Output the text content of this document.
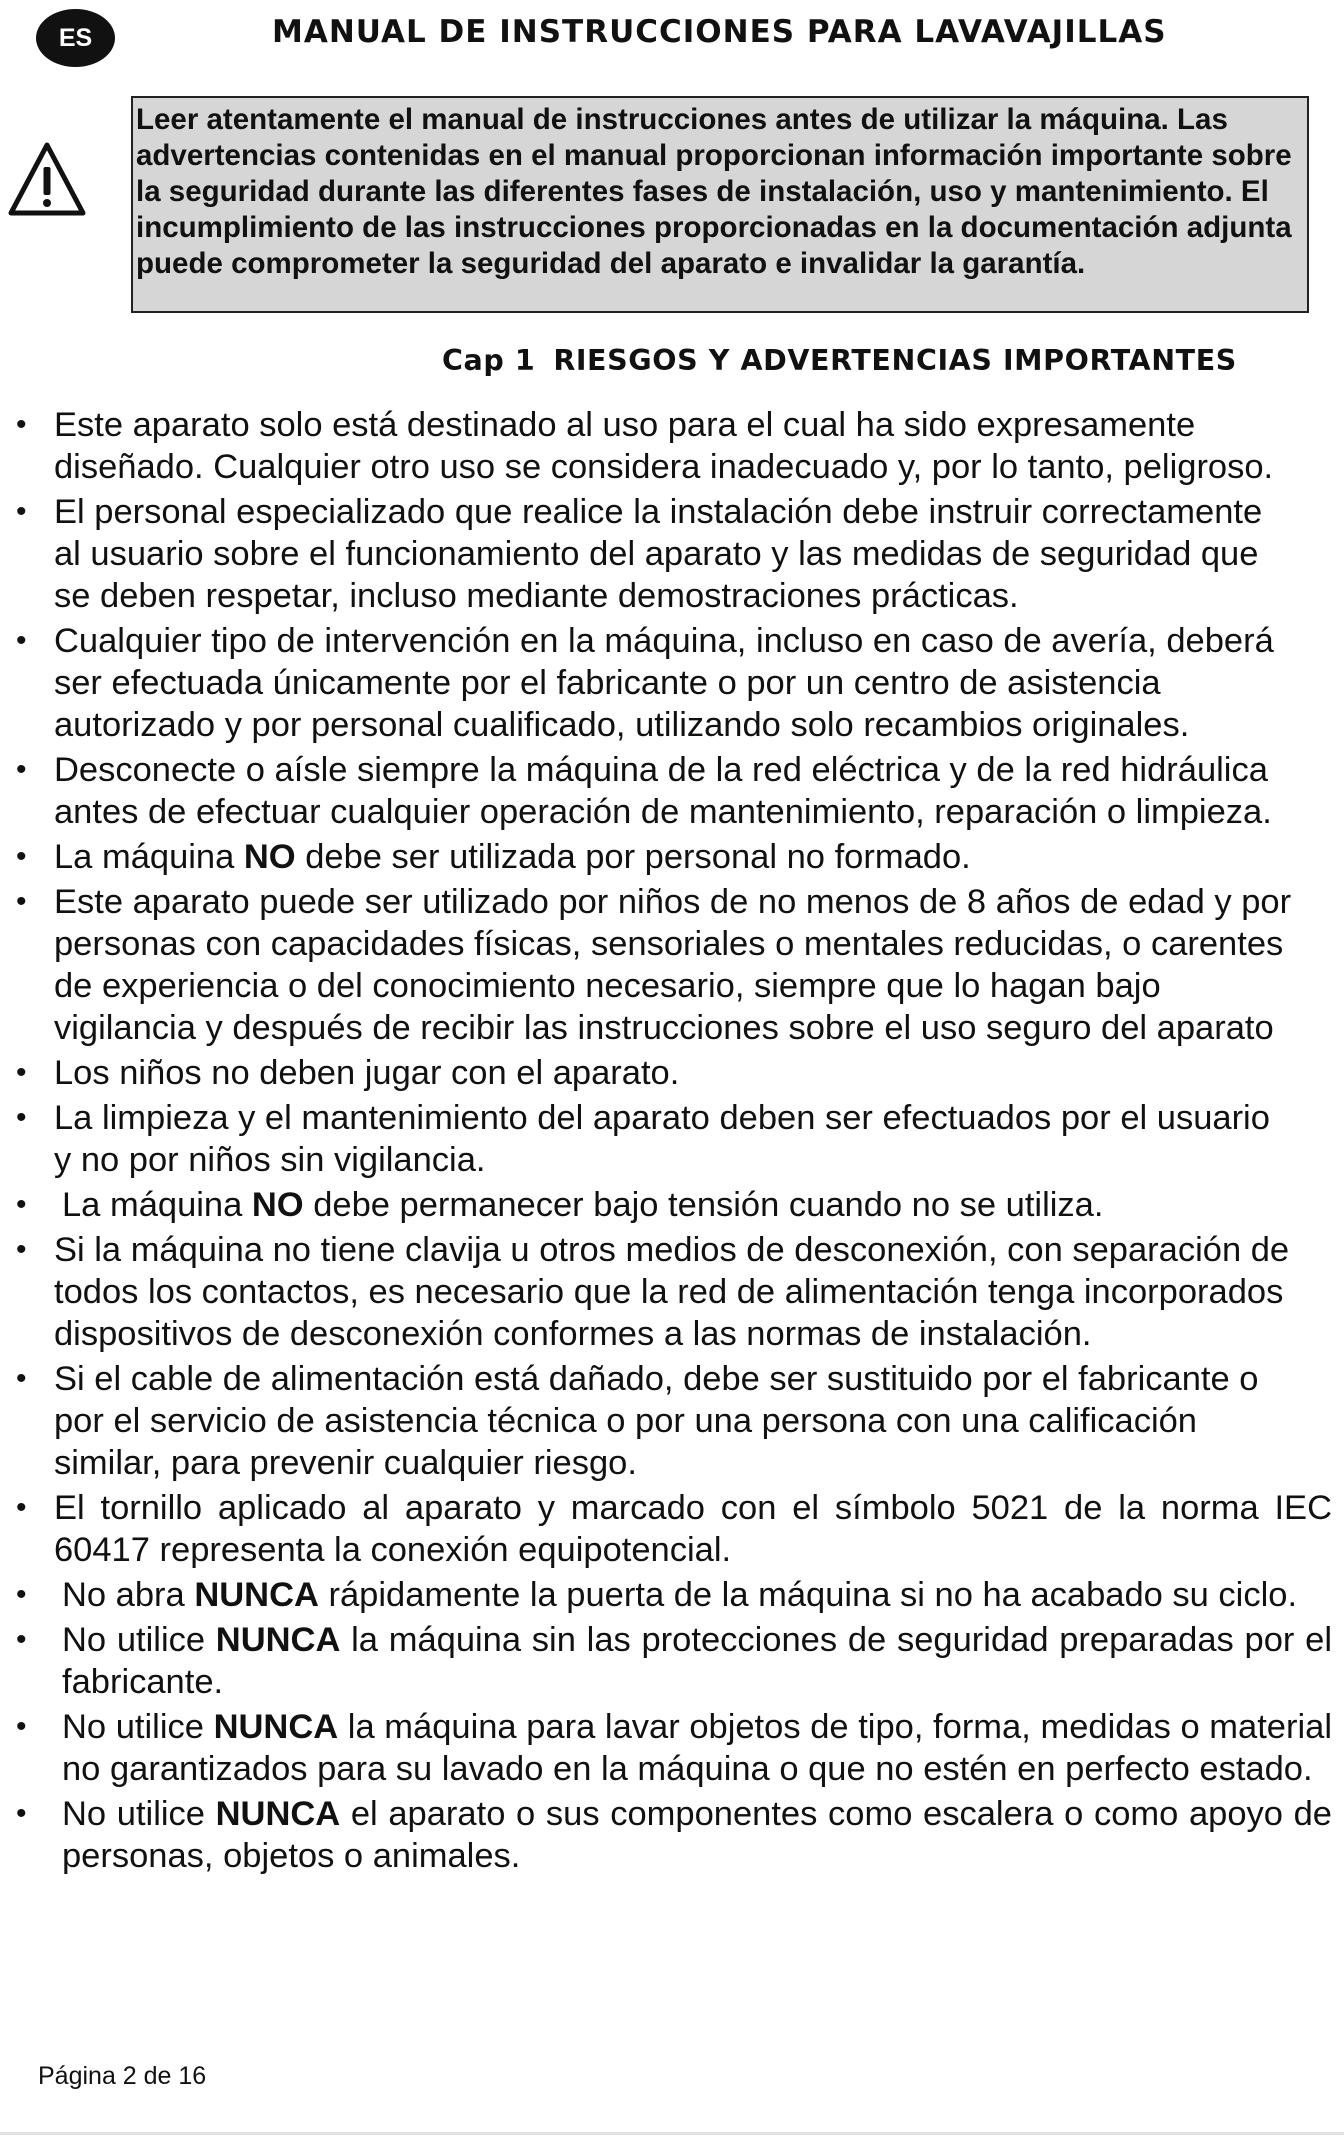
ES	MANUAL DE INSTRUCCIONES PARA LAVAVAJILLAS

Leer atentamente el manual de instrucciones antes de utilizar la máquina. Las advertencias contenidas en el manual proporcionan información importante sobre la seguridad durante las diferentes fases de instalación, uso y mantenimiento. El incumplimiento de las instrucciones proporcionadas en la documentación adjunta puede comprometer la seguridad del aparato e invalidar la garantía.

Cap 1 RIESGOS Y ADVERTENCIAS IMPORTANTES
• Este aparato solo está destinado al uso para el cual ha sido expresamente
diseñado. Cualquier otro uso se considera inadecuado y, por lo tanto, peligroso.
• El personal especializado que realice la instalación debe instruir correctamente
al usuario sobre el funcionamiento del aparato y las medidas de seguridad que
se deben respetar, incluso mediante demostraciones prácticas.
• Cualquier tipo de intervención en la máquina, incluso en caso de avería, deberá
ser efectuada únicamente por el fabricante o por un centro de asistencia
autorizado y por personal cualificado, utilizando solo recambios originales.
• Desconecte o aísle siempre la máquina de la red eléctrica y de la red hidráulica
antes de efectuar cualquier operación de mantenimiento, reparación o limpieza.
• La máquina NO debe ser utilizada por personal no formado.
• Este aparato puede ser utilizado por niños de no menos de 8 años de edad y por
personas con capacidades físicas, sensoriales o mentales reducidas, o carentes
de experiencia o del conocimiento necesario, siempre que lo hagan bajo
vigilancia y después de recibir las instrucciones sobre el uso seguro del aparato
• Los niños no deben jugar con el aparato.
• La limpieza y el mantenimiento del aparato deben ser efectuados por el usuario
y no por niños sin vigilancia.
• La máquina NO debe permanecer bajo tensión cuando no se utiliza.
• Si la máquina no tiene clavija u otros medios de desconexión, con separación de
todos los contactos, es necesario que la red de alimentación tenga incorporados
dispositivos de desconexión conformes a las normas de instalación.
• Si el cable de alimentación está dañado, debe ser sustituido por el fabricante o
por el servicio de asistencia técnica o por una persona con una calificación
similar, para prevenir cualquier riesgo.
• El tornillo aplicado al aparato y marcado con el símbolo 5021 de la norma IEC 60417 representa la conexión equipotencial.
• No abra NUNCA rápidamente la puerta de la máquina si no ha acabado su ciclo.
• No utilice NUNCA la máquina sin las protecciones de seguridad preparadas por el fabricante.
• No utilice NUNCA la máquina para lavar objetos de tipo, forma, medidas o material no garantizados para su lavado en la máquina o que no estén en perfecto estado.
• No utilice NUNCA el aparato o sus componentes como escalera o como apoyo de personas, objetos o animales.
Página 2 de 16
